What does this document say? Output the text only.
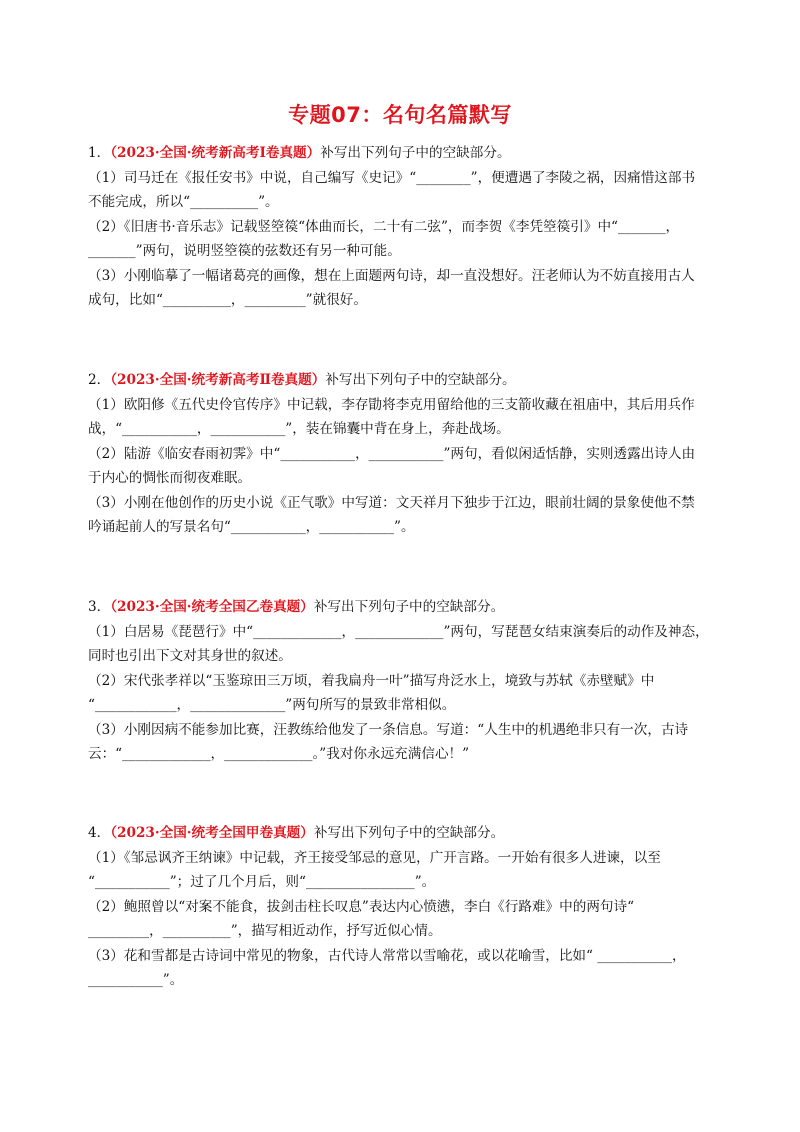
专题07：名句名篇默写
1．（2023·全国·统考新高考Ⅰ卷真题）补写出下列句子中的空缺部分。
（1）司马迁在《报任安书》中说，自己编写《史记》“________”，便遭遇了李陵之祸，因痛惜这部书
不能完成，所以“__________”。
（2）《旧唐书·音乐志》记载竖箜篌“体曲而长，二十有二弦”，而李贺《李凭箜篌引》中“_______，
_______”两句，说明竖箜篌的弦数还有另一种可能。
（3）小刚临摹了一幅诸葛亮的画像，想在上面题两句诗，却一直没想好。汪老师认为不妨直接用古人
成句，比如“__________，_________”就很好。
2．（2023·全国·统考新高考Ⅱ卷真题）补写出下列句子中的空缺部分。
（1）欧阳修《五代史伶官传序》中记载，李存勖将李克用留给他的三支箭收藏在祖庙中，其后用兵作
战，“___________，___________”，装在锦囊中背在身上，奔赴战场。
（2）陆游《临安春雨初霁》中“___________，___________”两句，看似闲适恬静，实则透露出诗人由
于内心的惆怅而彻夜难眠。
（3）小刚在他创作的历史小说《正气歌》中写道：文天祥月下独步于江边，眼前壮阔的景象使他不禁
吟诵起前人的写景名句“___________，___________”。
3．（2023·全国·统考全国乙卷真题）补写出下列句子中的空缺部分。
（1）白居易《琵琶行》中“_____________，_____________”两句，写琵琶女结束演奏后的动作及神态，
同时也引出下文对其身世的叙述。
（2）宋代张孝祥以“玉鉴琼田三万顷，着我扁舟一叶”描写舟泛水上，境致与苏轼《赤壁赋》中
“____________，______________”两句所写的景致非常相似。
（3）小刚因病不能参加比赛，汪教练给他发了一条信息。写道：“人生中的机遇绝非只有一次，古诗
云：“_____________，_____________。”我对你永远充满信心！”
4．（2023·全国·统考全国甲卷真题）补写出下列句子中的空缺部分。
（1）《邹忌讽齐王纳谏》中记载，齐王接受邹忌的意见，广开言路。一开始有很多人进谏，以至
“___________”；过了几个月后，则“________________”。
（2）鲍照曾以“对案不能食，拔剑击柱长叹息”表达内心愤懑，李白《行路难》中的两句诗“
_________，__________”，描写相近动作，抒写近似心情。
（3）花和雪都是古诗词中常见的物象，古代诗人常常以雪喻花，或以花喻雪，比如“ ___________，
___________”。
